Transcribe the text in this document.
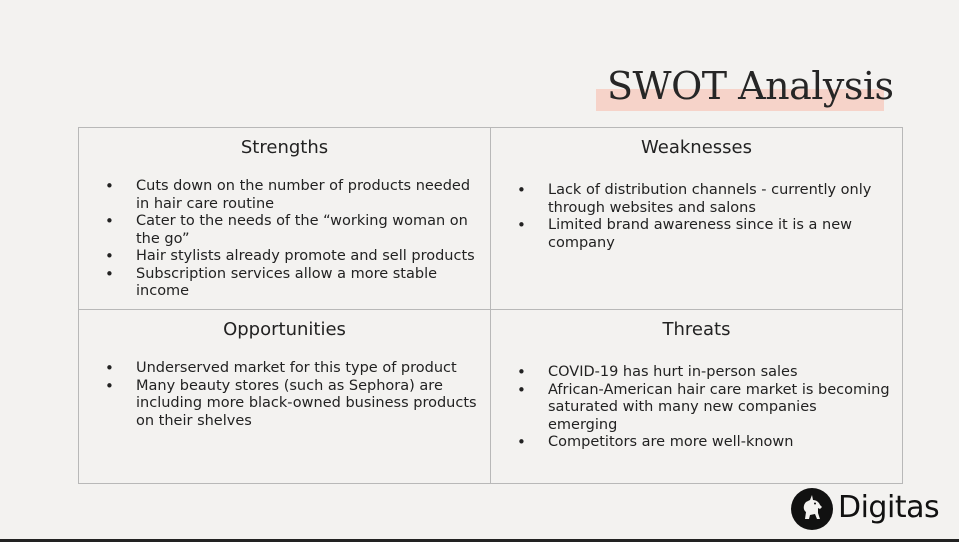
SWOT Analysis
Strengths
• Cuts down on the number of products needed in hair care routine
• Cater to the needs of the “working woman on the go”
• Hair stylists already promote and sell products
• Subscription services allow a more stable income
Weaknesses
• Lack of distribution channels - currently only through websites and salons
• Limited brand awareness since it is a new company
Opportunities
• Underserved market for this type of product
• Many beauty stores (such as Sephora) are including more black-owned business products on their shelves
Threats
• COVID-19 has hurt in-person sales
• African-American hair care market is becoming saturated with many new companies emerging
• Competitors are more well-known
Digitas
